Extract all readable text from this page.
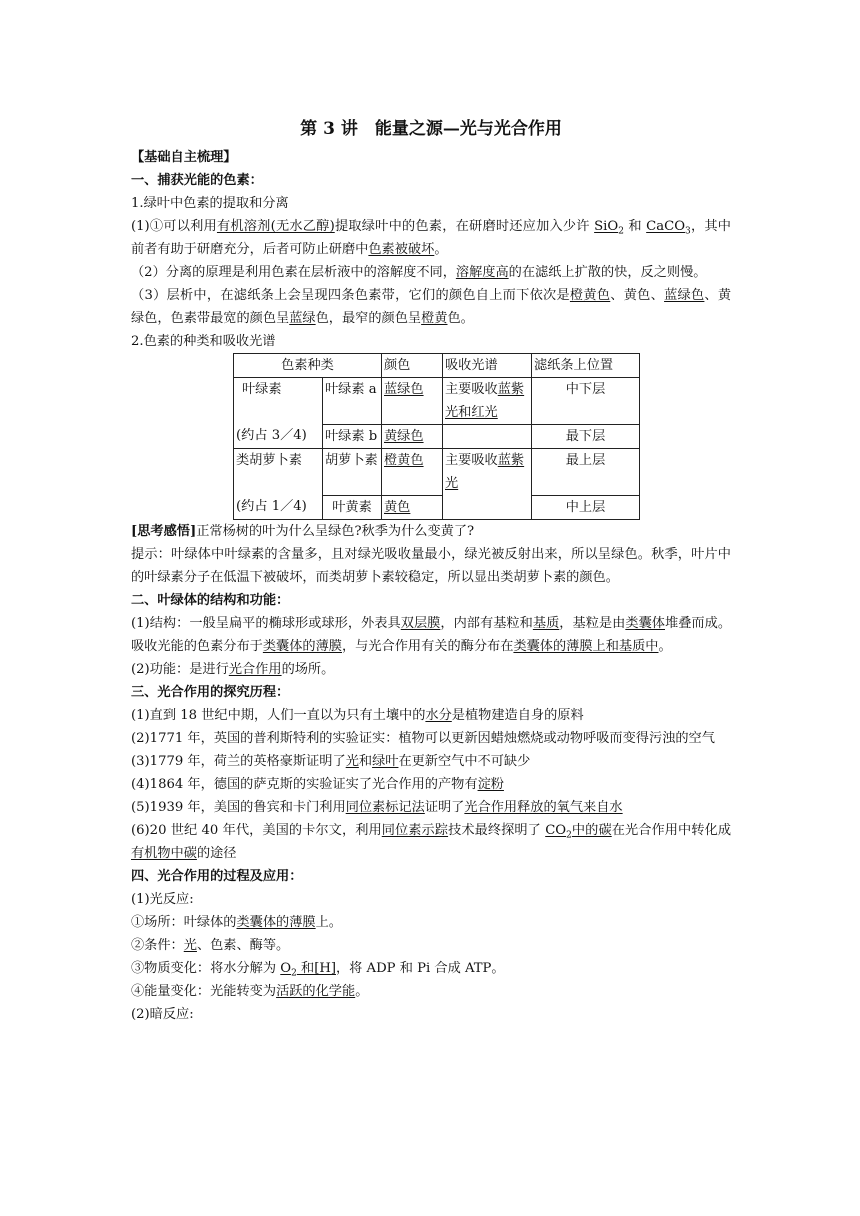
第 3 讲　能量之源—光与光合作用

【基础自主梳理】

一、捕获光能的色素：

1.绿叶中色素的提取和分离

(1)①可以利用有机溶剂(无水乙醇)提取绿叶中的色素，在研磨时还应加入少许 SiO$_2$ 和 CaCO$_3$，其中前者有助于研磨充分，后者可防止研磨中色素被破坏。

（2）分离的原理是利用色素在层析液中的溶解度不同，溶解度高的在滤纸上扩散的快，反之则慢。

（3）层析中，在滤纸条上会呈现四条色素带，它们的颜色自上而下依次是橙黄色、黄色、蓝绿色、黄绿色，色素带最宽的颜色呈蓝绿色，最窄的颜色呈橙黄色。

2.色素的种类和吸收光谱

色素种类		颜色	吸收光谱	滤纸条上位置

叶绿素
(约占 3／4)	叶绿素 a	蓝绿色	主要吸收蓝紫光和红光	中下层
	叶绿素 b	黄绿色		最下层

类胡萝卜素
(约占 1／4)	胡萝卜素	橙黄色	主要吸收蓝紫光	最上层
	叶黄素	黄色		中上层

[思考感悟]正常杨树的叶为什么呈绿色?秋季为什么变黄了?

提示：叶绿体中叶绿素的含量多，且对绿光吸收量最小，绿光被反射出来，所以呈绿色。秋季，叶片中的叶绿素分子在低温下被破坏，而类胡萝卜素较稳定，所以显出类胡萝卜素的颜色。

二、叶绿体的结构和功能：

(1)结构：一般呈扁平的椭球形或球形，外表具双层膜，内部有基粒和基质，基粒是由类囊体堆叠而成。吸收光能的色素分布于类囊体的薄膜，与光合作用有关的酶分布在类囊体的薄膜上和基质中。

(2)功能：是进行光合作用的场所。

三、光合作用的探究历程：

(1)直到 18 世纪中期，人们一直以为只有土壤中的水分是植物建造自身的原料

(2)1771 年，英国的普利斯特利的实验证实：植物可以更新因蜡烛燃烧或动物呼吸而变得污浊的空气

(3)1779 年，荷兰的英格豪斯证明了光和绿叶在更新空气中不可缺少

(4)1864 年，德国的萨克斯的实验证实了光合作用的产物有淀粉

(5)1939 年，美国的鲁宾和卡门利用同位素标记法证明了光合作用释放的氧气来自水

(6)20 世纪 40 年代，美国的卡尔文，利用同位素示踪技术最终探明了 $CO_2$中的碳在光合作用中转化成有机物中碳的途径

四、光合作用的过程及应用：

(1)光反应:

①场所：叶绿体的类囊体的薄膜上。

②条件：光、色素、酶等。

③物质变化：将水分解为 $O_2$ 和[H]，将 ADP 和 Pi 合成 ATP。

④能量变化：光能转变为活跃的化学能。

(2)暗反应:
